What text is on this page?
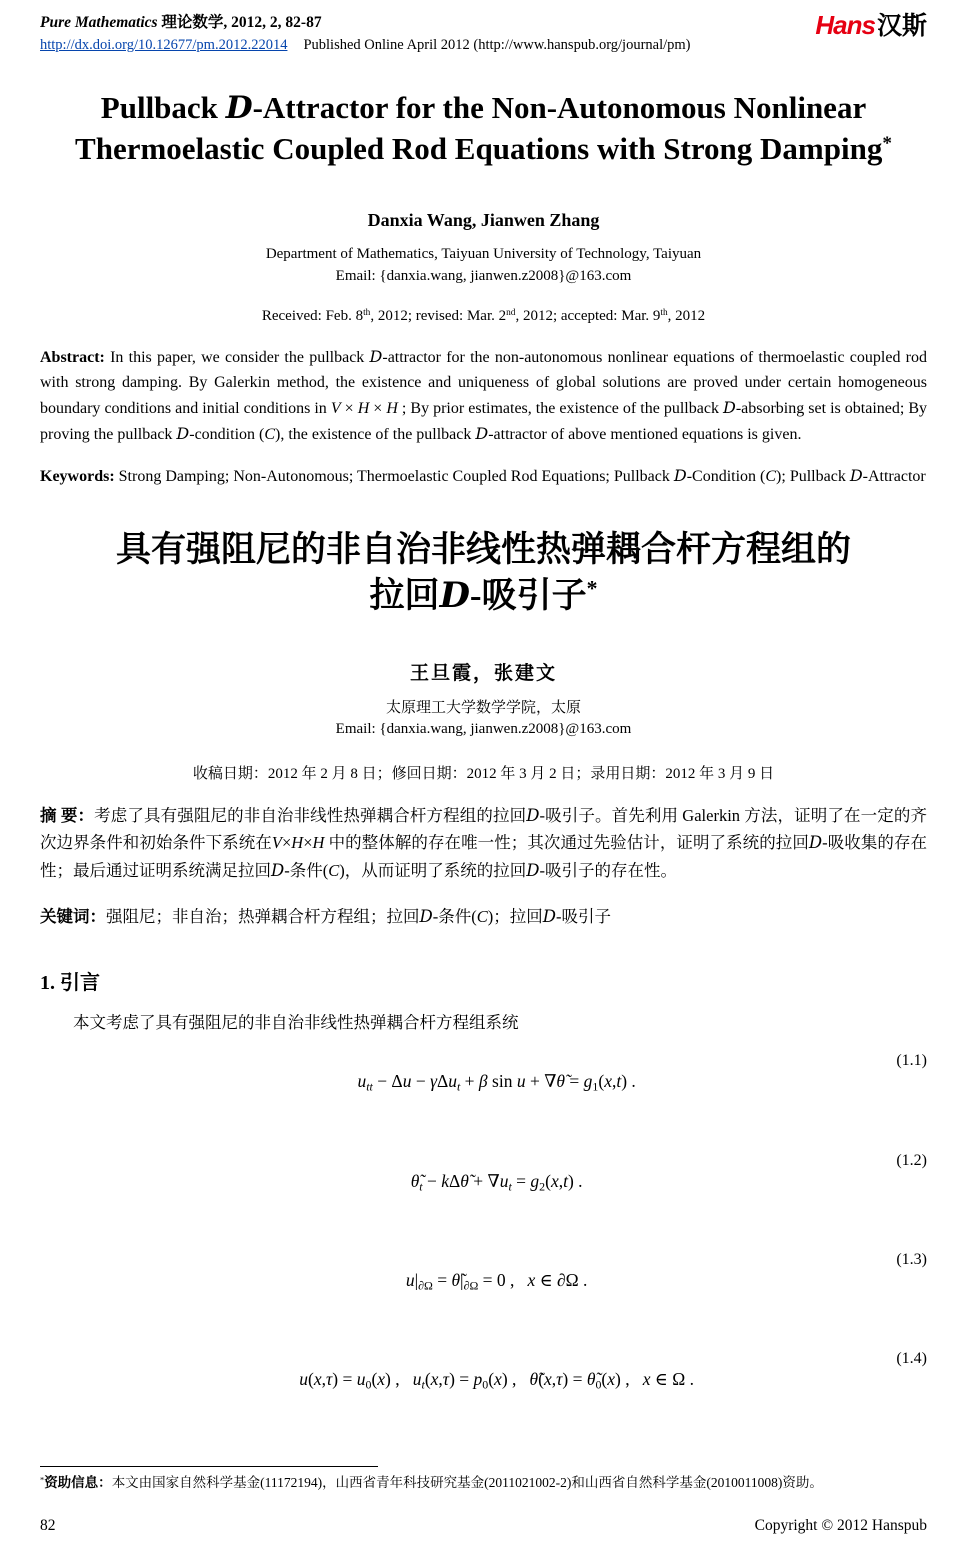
Pure Mathematics 理论数学, 2012, 2, 82-87
http://dx.doi.org/10.12677/pm.2012.22014 Published Online April 2012 (http://www.hanspub.org/journal/pm)
Hans汉斯
Pullback D-Attractor for the Non-Autonomous Nonlinear Thermoelastic Coupled Rod Equations with Strong Damping*
Danxia Wang, Jianwen Zhang
Department of Mathematics, Taiyuan University of Technology, Taiyuan
Email: {danxia.wang, jianwen.z2008}@163.com
Received: Feb. 8th, 2012; revised: Mar. 2nd, 2012; accepted: Mar. 9th, 2012

Abstract: In this paper, we consider the pullback D-attractor for the non-autonomous nonlinear equations of thermoelastic coupled rod with strong damping. By Galerkin method, the existence and uniqueness of global solutions are proved under certain homogeneous boundary conditions and initial conditions in V × H × H ; By prior estimates, the existence of the pullback D-absorbing set is obtained; By proving the pullback D-condition (C), the existence of the pullback D-attractor of above mentioned equations is given.

Keywords: Strong Damping; Non-Autonomous; Thermoelastic Coupled Rod Equations; Pullback D-Condition (C); Pullback D-Attractor

具有强阻尼的非自治非线性热弹耦合杆方程组的
拉回D-吸引子*
王旦霞，张建文
太原理工大学数学学院，太原
Email: {danxia.wang, jianwen.z2008}@163.com
收稿日期：2012 年 2 月 8 日；修回日期：2012 年 3 月 2 日；录用日期：2012 年 3 月 9 日

摘 要：考虑了具有强阻尼的非自治非线性热弹耦合杆方程组的拉回D-吸引子。首先利用 Galerkin 方法，证明了在一定的齐次边界条件和初始条件下系统在V×H×H 中的整体解的存在唯一性；其次通过先验估计，证明了系统的拉回D-吸收集的存在性；最后通过证明系统满足拉回D-条件(C)，从而证明了系统的拉回D-吸引子的存在性。

关键词：强阻尼；非自治；热弹耦合杆方程组；拉回D-条件(C)；拉回D-吸引子

1. 引言

本文考虑了具有强阻尼的非自治非线性热弹耦合杆方程组系统

utt − Δu − γΔut + β sin u + ∇θ̃ = g1(x,t) .

(1.1)

θ̃t − kΔθ̃ + ∇ut = g2(x,t) .

(1.2)

u|∂Ω = θ̃|∂Ω = 0 ,   x ∈ ∂Ω .

(1.3)

u(x,τ) = u0(x) ,   ut(x,τ) = p0(x) ,   θ̃(x,τ) = θ̃0(x) ,   x ∈ Ω .

(1.4)

*资助信息：本文由国家自然科学基金(11172194)，山西省青年科技研究基金(2011021002-2)和山西省自然科学基金(2010011008)资助。

82	Copyright © 2012 Hanspub
